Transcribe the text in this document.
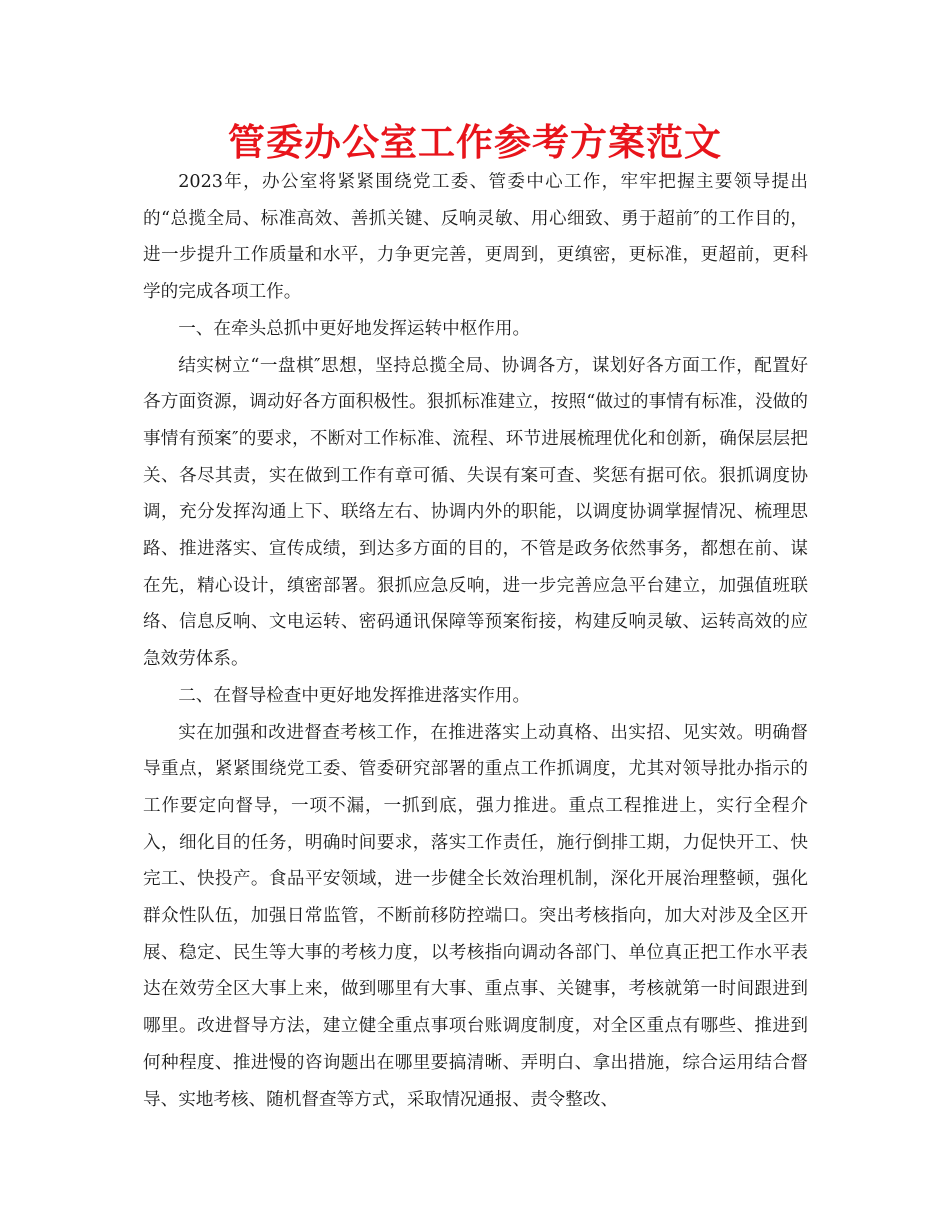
管委办公室工作参考方案范文

2023年，办公室将紧紧围绕党工委、管委中心工作，牢牢把握主要领导提出的“总揽全局、标准高效、善抓关键、反响灵敏、用心细致、勇于超前″的工作目的，进一步提升工作质量和水平，力争更完善，更周到，更缜密，更标准，更超前，更科学的完成各项工作。

一、在牵头总抓中更好地发挥运转中枢作用。

结实树立“一盘棋″思想，坚持总揽全局、协调各方，谋划好各方面工作，配置好各方面资源，调动好各方面积极性。狠抓标准建立，按照“做过的事情有标准，没做的事情有预案″的要求，不断对工作标准、流程、环节进展梳理优化和创新，确保层层把关、各尽其责，实在做到工作有章可循、失误有案可查、奖惩有据可依。狠抓调度协调，充分发挥沟通上下、联络左右、协调内外的职能，以调度协调掌握情况、梳理思路、推进落实、宣传成绩，到达多方面的目的，不管是政务依然事务，都想在前、谋在先，精心设计，缜密部署。狠抓应急反响，进一步完善应急平台建立，加强值班联络、信息反响、文电运转、密码通讯保障等预案衔接，构建反响灵敏、运转高效的应急效劳体系。

二、在督导检查中更好地发挥推进落实作用。

实在加强和改进督查考核工作，在推进落实上动真格、出实招、见实效。明确督导重点，紧紧围绕党工委、管委研究部署的重点工作抓调度，尤其对领导批办指示的工作要定向督导，一项不漏，一抓到底，强力推进。重点工程推进上，实行全程介入，细化目的任务，明确时间要求，落实工作责任，施行倒排工期，力促快开工、快完工、快投产。食品平安领域，进一步健全长效治理机制，深化开展治理整顿，强化群众性队伍，加强日常监管，不断前移防控端口。突出考核指向，加大对涉及全区开展、稳定、民生等大事的考核力度，以考核指向调动各部门、单位真正把工作水平表达在效劳全区大事上来，做到哪里有大事、重点事、关键事，考核就第一时间跟进到哪里。改进督导方法，建立健全重点事项台账调度制度，对全区重点有哪些、推进到何种程度、推进慢的咨询题出在哪里要搞清晰、弄明白、拿出措施，综合运用结合督导、实地考核、随机督查等方式，采取情况通报、责令整改、
